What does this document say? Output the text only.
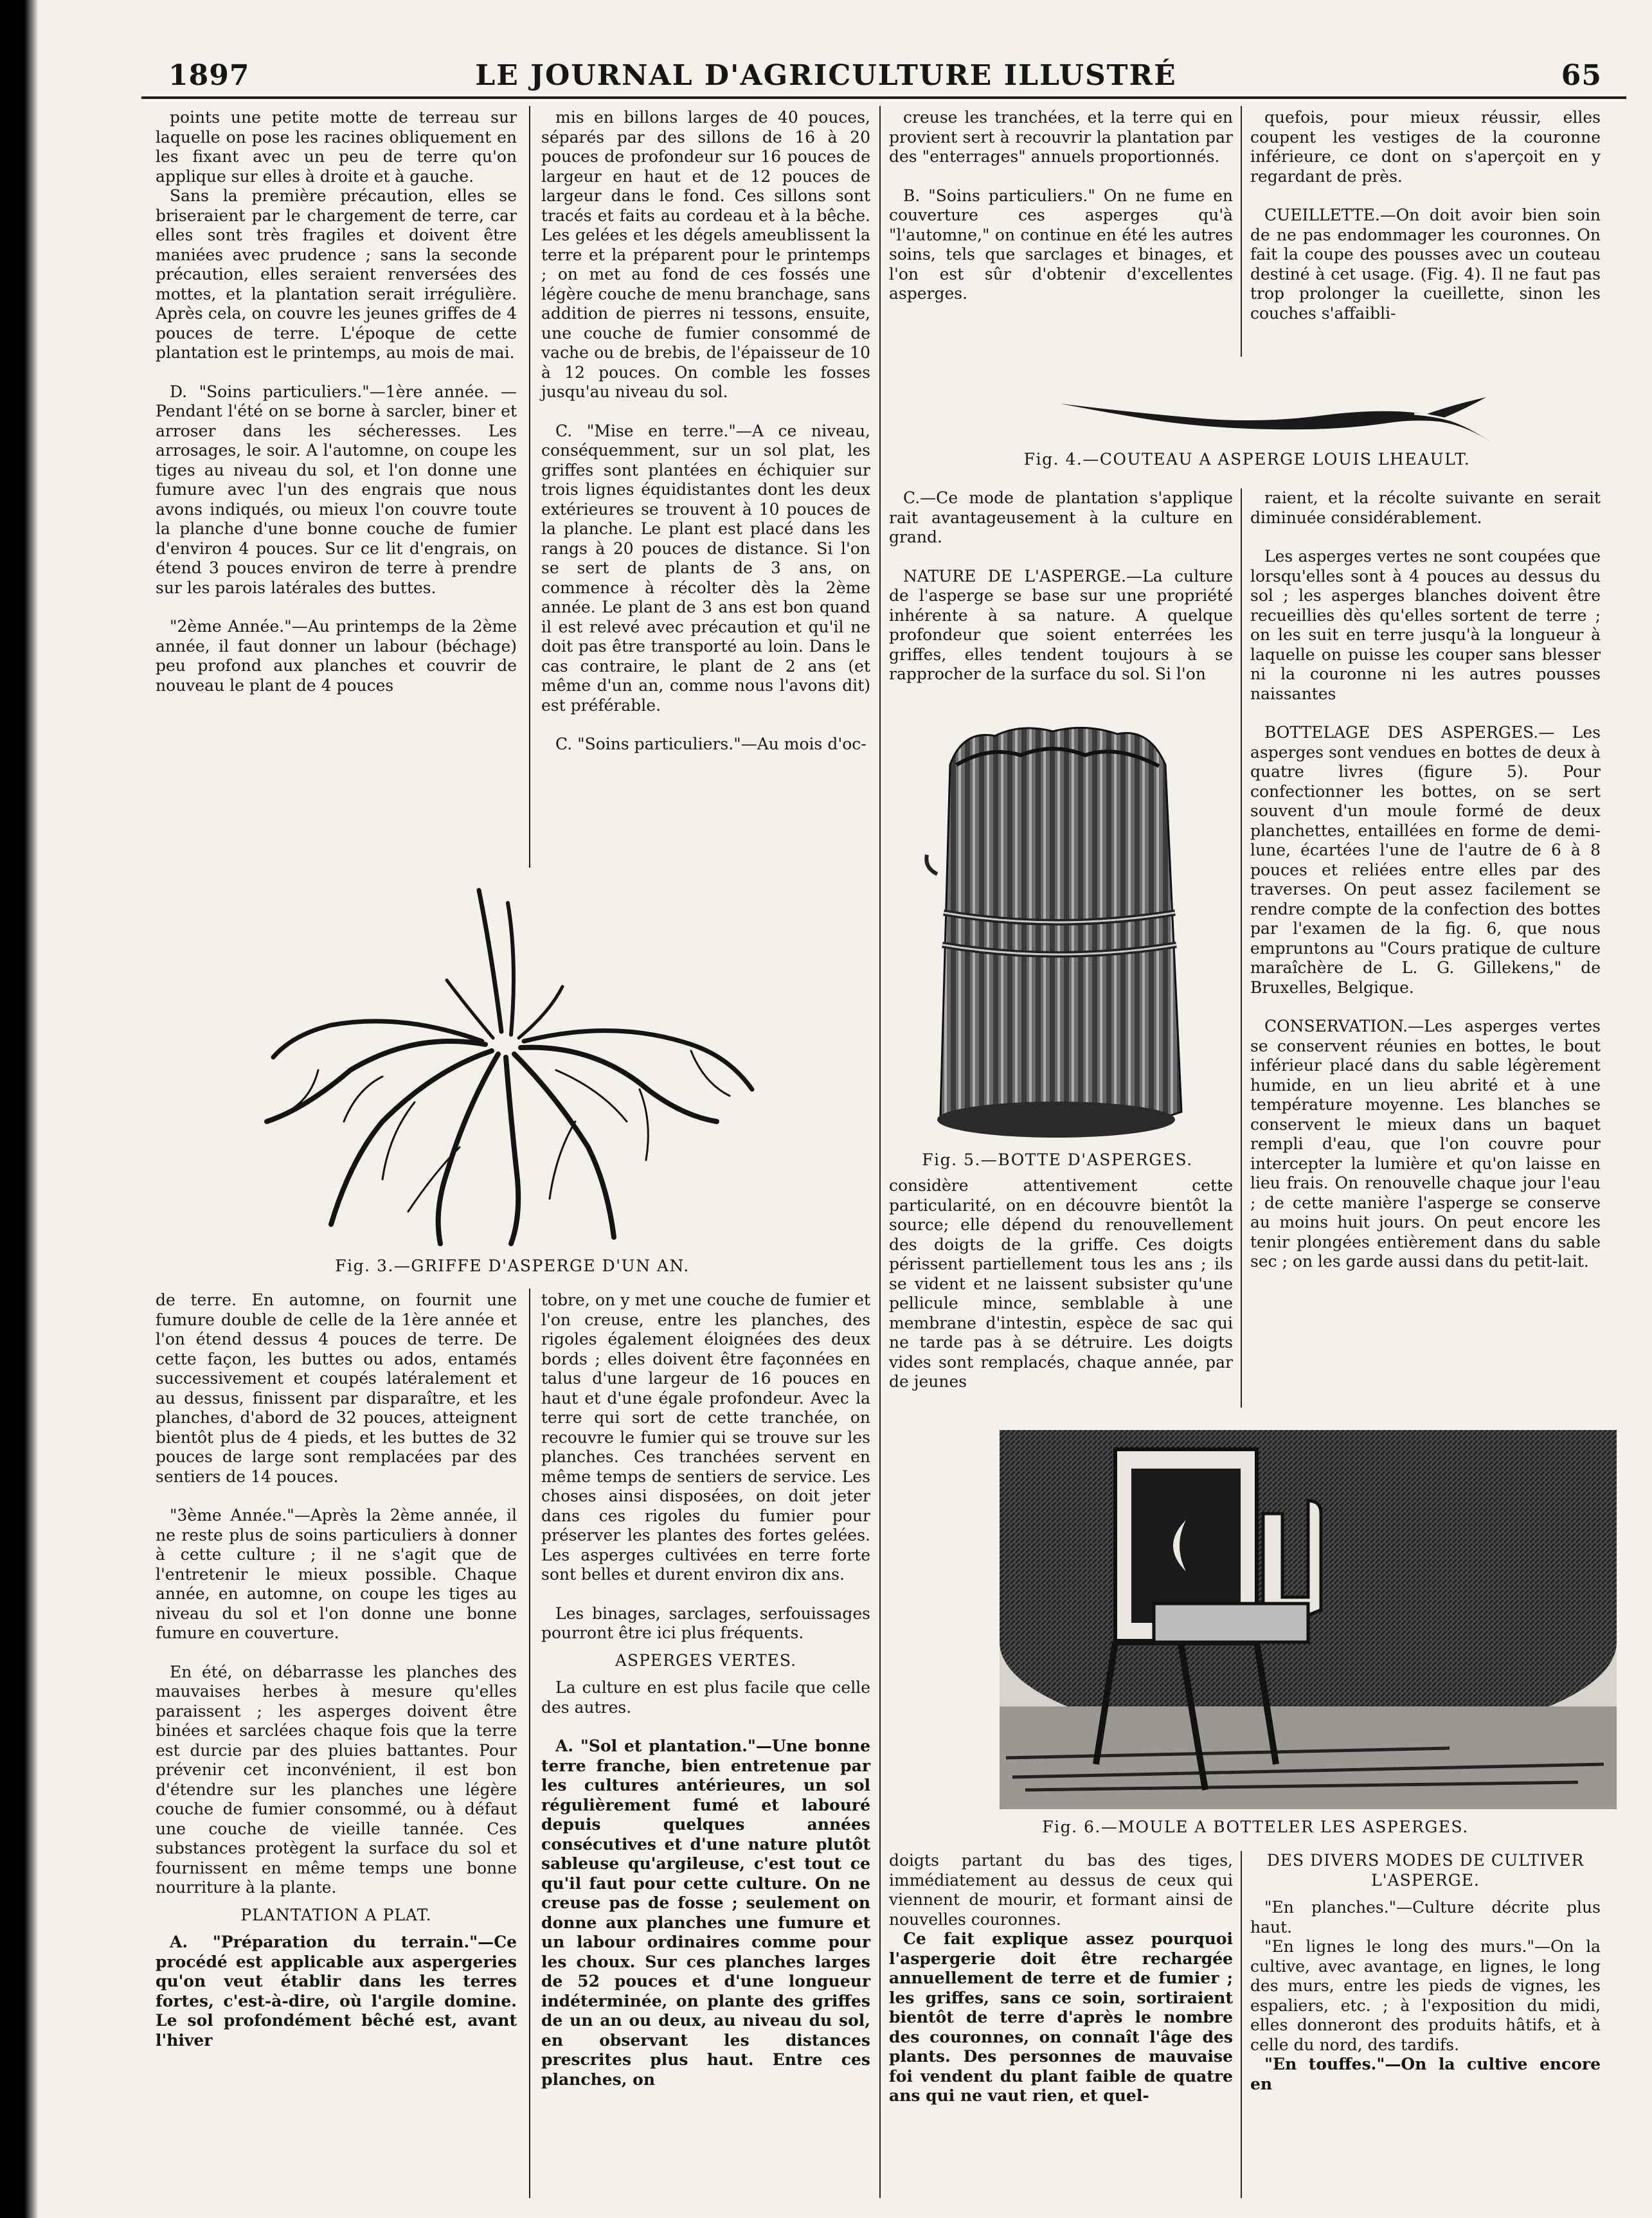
1897	LE JOURNAL D'AGRICULTURE ILLUSTRÉ	65

points une petite motte de terreau sur laquelle on pose les racines obliquement en les fixant avec un peu de terre qu'on applique sur elles à droite et à gauche.

Sans la première précaution, elles se briseraient par le chargement de terre, car elles sont très fragiles et doivent être maniées avec prudence ; sans la seconde précaution, elles seraient renversées des mottes, et la plantation serait irrégulière. Après cela, on couvre les jeunes griffes de 4 pouces de terre. L'époque de cette plantation est le printemps, au mois de mai.

D. "Soins particuliers."—1ère année. —Pendant l'été on se borne à sarcler, biner et arroser dans les sécheresses. Les arrosages, le soir. A l'automne, on coupe les tiges au niveau du sol, et l'on donne une fumure avec l'un des engrais que nous avons indiqués, ou mieux l'on couvre toute la planche d'une bonne couche de fumier d'environ 4 pouces. Sur ce lit d'engrais, on étend 3 pouces environ de terre à prendre sur les parois latérales des buttes.

"2ème Année."—Au printemps de la 2ème année, il faut donner un labour (béchage) peu profond aux planches et couvrir de nouveau le plant de 4 pouces

mis en billons larges de 40 pouces, séparés par des sillons de 16 à 20 pouces de profondeur sur 16 pouces de largeur en haut et de 12 pouces de largeur dans le fond. Ces sillons sont tracés et faits au cordeau et à la bêche. Les gelées et les dégels ameublissent la terre et la préparent pour le printemps ; on met au fond de ces fossés une légère couche de menu branchage, sans addition de pierres ni tessons, ensuite, une couche de fumier consommé de vache ou de brebis, de l'épaisseur de 10 à 12 pouces. On comble les fosses jusqu'au niveau du sol.

C. "Mise en terre."—A ce niveau, conséquemment, sur un sol plat, les griffes sont plantées en échiquier sur trois lignes équidistantes dont les deux extérieures se trouvent à 10 pouces de la planche. Le plant est placé dans les rangs à 20 pouces de distance. Si l'on se sert de plants de 3 ans, on commence à récolter dès la 2ème année. Le plant de 3 ans est bon quand il est relevé avec précaution et qu'il ne doit pas être transporté au loin. Dans le cas contraire, le plant de 2 ans (et même d'un an, comme nous l'avons dit) est préférable.

C. "Soins particuliers."—Au mois d'oc-

creuse les tranchées, et la terre qui en provient sert à recouvrir la plantation par des "enterrages" annuels proportionnés.

B. "Soins particuliers." On ne fume en couverture ces asperges qu'à "l'automne," on continue en été les autres soins, tels que sarclages et binages, et l'on est sûr d'obtenir d'excellentes asperges.

quefois, pour mieux réussir, elles coupent les vestiges de la couronne inférieure, ce dont on s'aperçoit en y regardant de près.

CUEILLETTE.—On doit avoir bien soin de ne pas endommager les couronnes. On fait la coupe des pousses avec un couteau destiné à cet usage. (Fig. 4). Il ne faut pas trop prolonger la cueillette, sinon les couches s'affaibli-

Fig. 4.—COUTEAU A ASPERGE LOUIS LHEAULT.

C.—Ce mode de plantation s'applique rait avantageusement à la culture en grand.

NATURE DE L'ASPERGE.—La culture de l'asperge se base sur une propriété inhérente à sa nature. A quelque profondeur que soient enterrées les griffes, elles tendent toujours à se rapprocher de la surface du sol. Si l'on

raient, et la récolte suivante en serait diminuée considérablement.

Les asperges vertes ne sont coupées que lorsqu'elles sont à 4 pouces au dessus du sol ; les asperges blanches doivent être recueillies dès qu'elles sortent de terre ; on les suit en terre jusqu'à la longueur à laquelle on puisse les couper sans blesser ni la couronne ni les autres pousses naissantes

BOTTELAGE DES ASPERGES.— Les asperges sont vendues en bottes de deux à quatre livres (figure 5). Pour confectionner les bottes, on se sert souvent d'un moule formé de deux planchettes, entaillées en forme de demi-lune, écartées l'une de l'autre de 6 à 8 pouces et reliées entre elles par des traverses. On peut assez facilement se rendre compte de la confection des bottes par l'examen de la fig. 6, que nous empruntons au "Cours pratique de culture maraîchère de L. G. Gillekens," de Bruxelles, Belgique.

CONSERVATION.—Les asperges vertes se conservent réunies en bottes, le bout inférieur placé dans du sable légèrement humide, en un lieu abrité et à une température moyenne. Les blanches se conservent le mieux dans un baquet rempli d'eau, que l'on couvre pour intercepter la lumière et qu'on laisse en lieu frais. On renouvelle chaque jour l'eau ; de cette manière l'asperge se conserve au moins huit jours. On peut encore les tenir plongées entièrement dans du sable sec ; on les garde aussi dans du petit-lait.

Fig. 5.—BOTTE D'ASPERGES.

considère attentivement cette particularité, on en découvre bientôt la source; elle dépend du renouvellement des doigts de la griffe. Ces doigts périssent partiellement tous les ans ; ils se vident et ne laissent subsister qu'une pellicule mince, semblable à une membrane d'intestin, espèce de sac qui ne tarde pas à se détruire. Les doigts vides sont remplacés, chaque année, par de jeunes

Fig. 3.—GRIFFE D'ASPERGE D'UN AN.

de terre. En automne, on fournit une fumure double de celle de la 1ère année et l'on étend dessus 4 pouces de terre. De cette façon, les buttes ou ados, entamés successivement et coupés latéralement et au dessus, finissent par disparaître, et les planches, d'abord de 32 pouces, atteignent bientôt plus de 4 pieds, et les buttes de 32 pouces de large sont remplacées par des sentiers de 14 pouces.

"3ème Année."—Après la 2ème année, il ne reste plus de soins particuliers à donner à cette culture ; il ne s'agit que de l'entretenir le mieux possible. Chaque année, en automne, on coupe les tiges au niveau du sol et l'on donne une bonne fumure en couverture.

En été, on débarrasse les planches des mauvaises herbes à mesure qu'elles paraissent ; les asperges doivent être binées et sarclées chaque fois que la terre est durcie par des pluies battantes. Pour prévenir cet inconvénient, il est bon d'étendre sur les planches une légère couche de fumier consommé, ou à défaut une couche de vieille tannée. Ces substances protègent la surface du sol et fournissent en même temps une bonne nourriture à la plante.

PLANTATION A PLAT.

A. "Préparation du terrain."—Ce procédé est applicable aux aspergeries qu'on veut établir dans les terres fortes, c'est-à-dire, où l'argile domine. Le sol profondément bêché est, avant l'hiver

tobre, on y met une couche de fumier et l'on creuse, entre les planches, des rigoles également éloignées des deux bords ; elles doivent être façonnées en talus d'une largeur de 16 pouces en haut et d'une égale profondeur. Avec la terre qui sort de cette tranchée, on recouvre le fumier qui se trouve sur les planches. Ces tranchées servent en même temps de sentiers de service. Les choses ainsi disposées, on doit jeter dans ces rigoles du fumier pour préserver les plantes des fortes gelées. Les asperges cultivées en terre forte sont belles et durent environ dix ans.

Les binages, sarclages, serfouissages pourront être ici plus fréquents.

ASPERGES VERTES.

La culture en est plus facile que celle des autres.

A. "Sol et plantation."—Une bonne terre franche, bien entretenue par les cultures antérieures, un sol régulièrement fumé et labouré depuis quelques années consécutives et d'une nature plutôt sableuse qu'argileuse, c'est tout ce qu'il faut pour cette culture. On ne creuse pas de fosse ; seulement on donne aux planches une fumure et un labour ordinaires comme pour les choux. Sur ces planches larges de 52 pouces et d'une longueur indéterminée, on plante des griffes de un an ou deux, au niveau du sol, en observant les distances prescrites plus haut. Entre ces planches, on

Fig. 6.—MOULE A BOTTELER LES ASPERGES.

doigts partant du bas des tiges, immédiatement au dessus de ceux qui viennent de mourir, et formant ainsi de nouvelles couronnes.

Ce fait explique assez pourquoi l'aspergerie doit être rechargée annuellement de terre et de fumier ; les griffes, sans ce soin, sortiraient bientôt de terre d'après le nombre des couronnes, on connaît l'âge des plants. Des personnes de mauvaise foi vendent du plant faible de quatre ans qui ne vaut rien, et quel-

DES DIVERS MODES DE CULTIVER L'ASPERGE.

"En planches."—Culture décrite plus haut.

"En lignes le long des murs."—On la cultive, avec avantage, en lignes, le long des murs, entre les pieds de vignes, les espaliers, etc. ; à l'exposition du midi, elles donneront des produits hâtifs, et à celle du nord, des tardifs.

"En touffes."—On la cultive encore en
